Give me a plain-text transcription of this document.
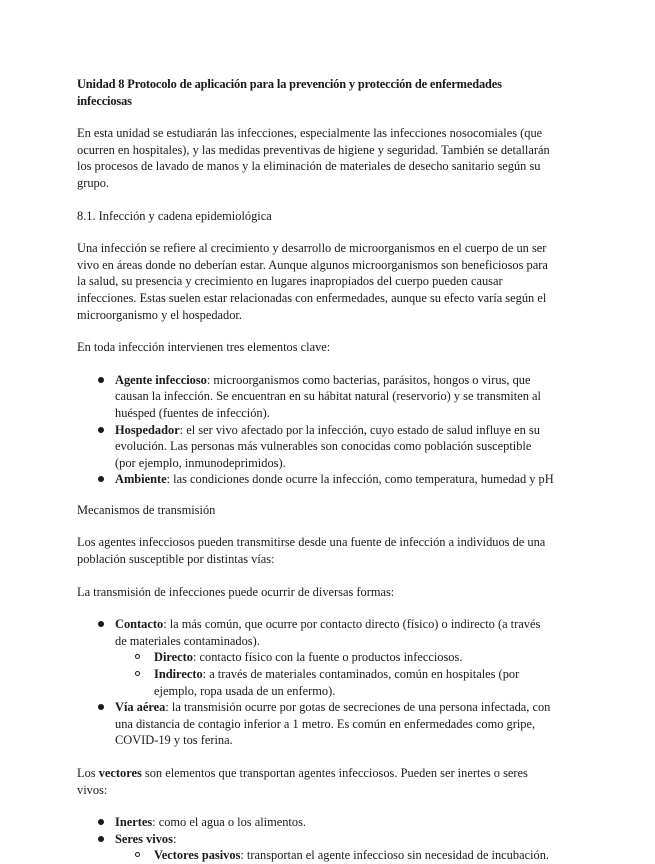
Unidad 8 Protocolo de aplicación para la prevención y protección de enfermedades infecciosas

En esta unidad se estudiarán las infecciones, especialmente las infecciones nosocomiales (que ocurren en hospitales), y las medidas preventivas de higiene y seguridad. También se detallarán los procesos de lavado de manos y la eliminación de materiales de desecho sanitario según su grupo.

8.1. Infección y cadena epidemiológica

Una infección se refiere al crecimiento y desarrollo de microorganismos en el cuerpo de un ser vivo en áreas donde no deberían estar. Aunque algunos microorganismos son beneficiosos para la salud, su presencia y crecimiento en lugares inapropiados del cuerpo pueden causar infecciones. Estas suelen estar relacionadas con enfermedades, aunque su efecto varía según el microorganismo y el hospedador.

En toda infección intervienen tres elementos clave:

Agente infeccioso: microorganismos como bacterias, parásitos, hongos o virus, que causan la infección. Se encuentran en su hábitat natural (reservorio) y se transmiten al huésped (fuentes de infección).
Hospedador: el ser vivo afectado por la infección, cuyo estado de salud influye en su evolución. Las personas más vulnerables son conocidas como población susceptible (por ejemplo, inmunodeprimidos).
Ambiente: las condiciones donde ocurre la infección, como temperatura, humedad y pH

Mecanismos de transmisión

Los agentes infecciosos pueden transmitirse desde una fuente de infección a individuos de una población susceptible por distintas vías:

La transmisión de infecciones puede ocurrir de diversas formas:

Contacto: la más común, que ocurre por contacto directo (físico) o indirecto (a través de materiales contaminados).
Directo: contacto físico con la fuente o productos infecciosos.
Indirecto: a través de materiales contaminados, común en hospitales (por ejemplo, ropa usada de un enfermo).
Vía aérea: la transmisión ocurre por gotas de secreciones de una persona infectada, con una distancia de contagio inferior a 1 metro. Es común en enfermedades como gripe, COVID-19 y tos ferina.

Los vectores son elementos que transportan agentes infecciosos. Pueden ser inertes o seres vivos:

Inertes: como el agua o los alimentos.
Seres vivos:
Vectores pasivos: transportan el agente infeccioso sin necesidad de incubación.
